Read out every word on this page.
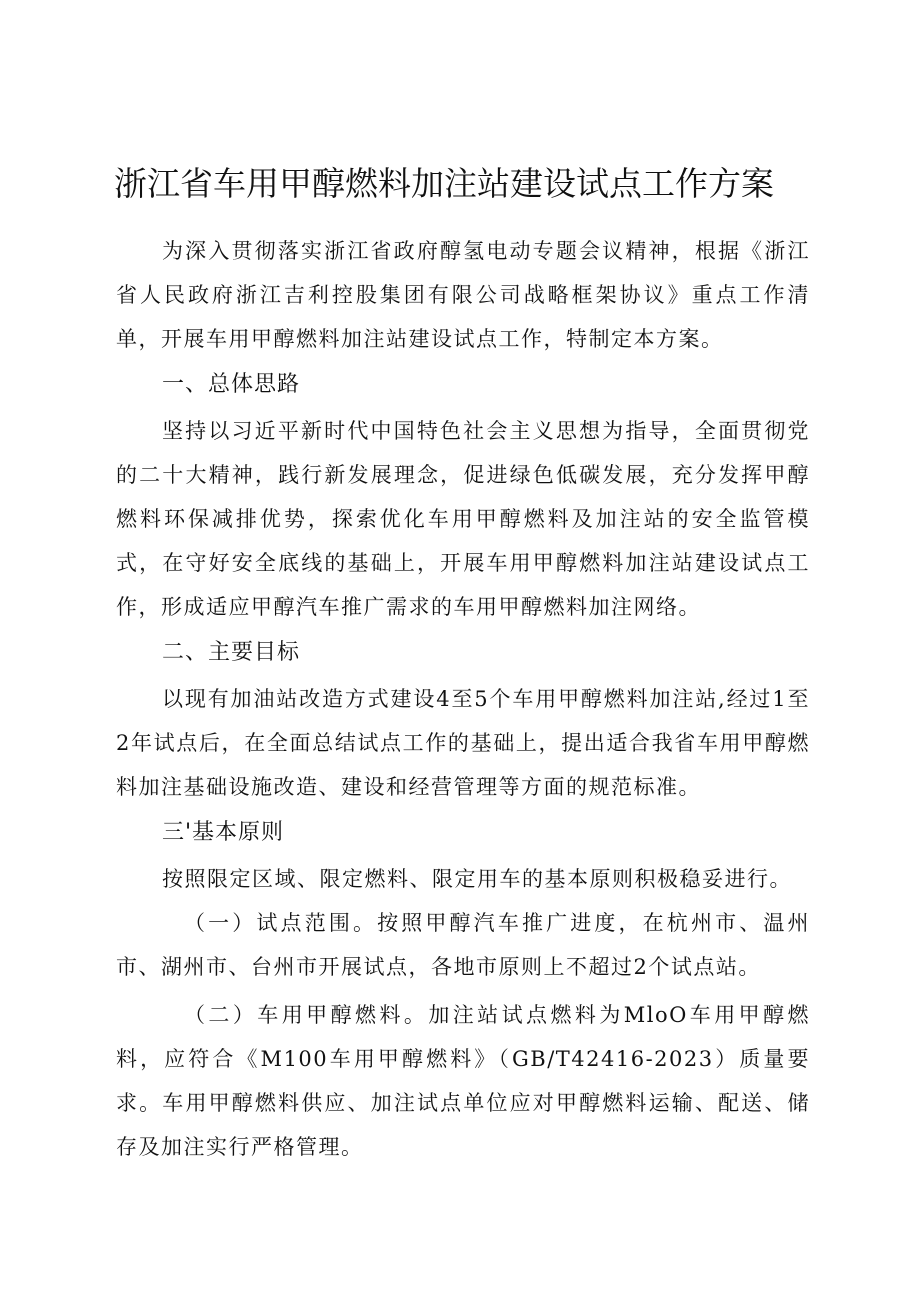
浙江省车用甲醇燃料加注站建设试点工作方案

为深入贯彻落实浙江省政府醇氢电动专题会议精神，根据《浙江省人民政府浙江吉利控股集团有限公司战略框架协议》重点工作清单，开展车用甲醇燃料加注站建设试点工作，特制定本方案。

一、总体思路

坚持以习近平新时代中国特色社会主义思想为指导，全面贯彻党的二十大精神，践行新发展理念，促进绿色低碳发展，充分发挥甲醇燃料环保减排优势，探索优化车用甲醇燃料及加注站的安全监管模式，在守好安全底线的基础上，开展车用甲醇燃料加注站建设试点工作，形成适应甲醇汽车推广需求的车用甲醇燃料加注网络。

二、主要目标

以现有加油站改造方式建设4至5个车用甲醇燃料加注站,经过1至2年试点后，在全面总结试点工作的基础上，提出适合我省车用甲醇燃料加注基础设施改造、建设和经营管理等方面的规范标准。

三'基本原则

按照限定区域、限定燃料、限定用车的基本原则积极稳妥进行。

（一）试点范围。按照甲醇汽车推广进度，在杭州市、温州市、湖州市、台州市开展试点，各地市原则上不超过2个试点站。

（二）车用甲醇燃料。加注站试点燃料为MloO车用甲醇燃料，应符合《M100车用甲醇燃料》（GB/T42416-2023）质量要求。车用甲醇燃料供应、加注试点单位应对甲醇燃料运输、配送、储存及加注实行严格管理。
